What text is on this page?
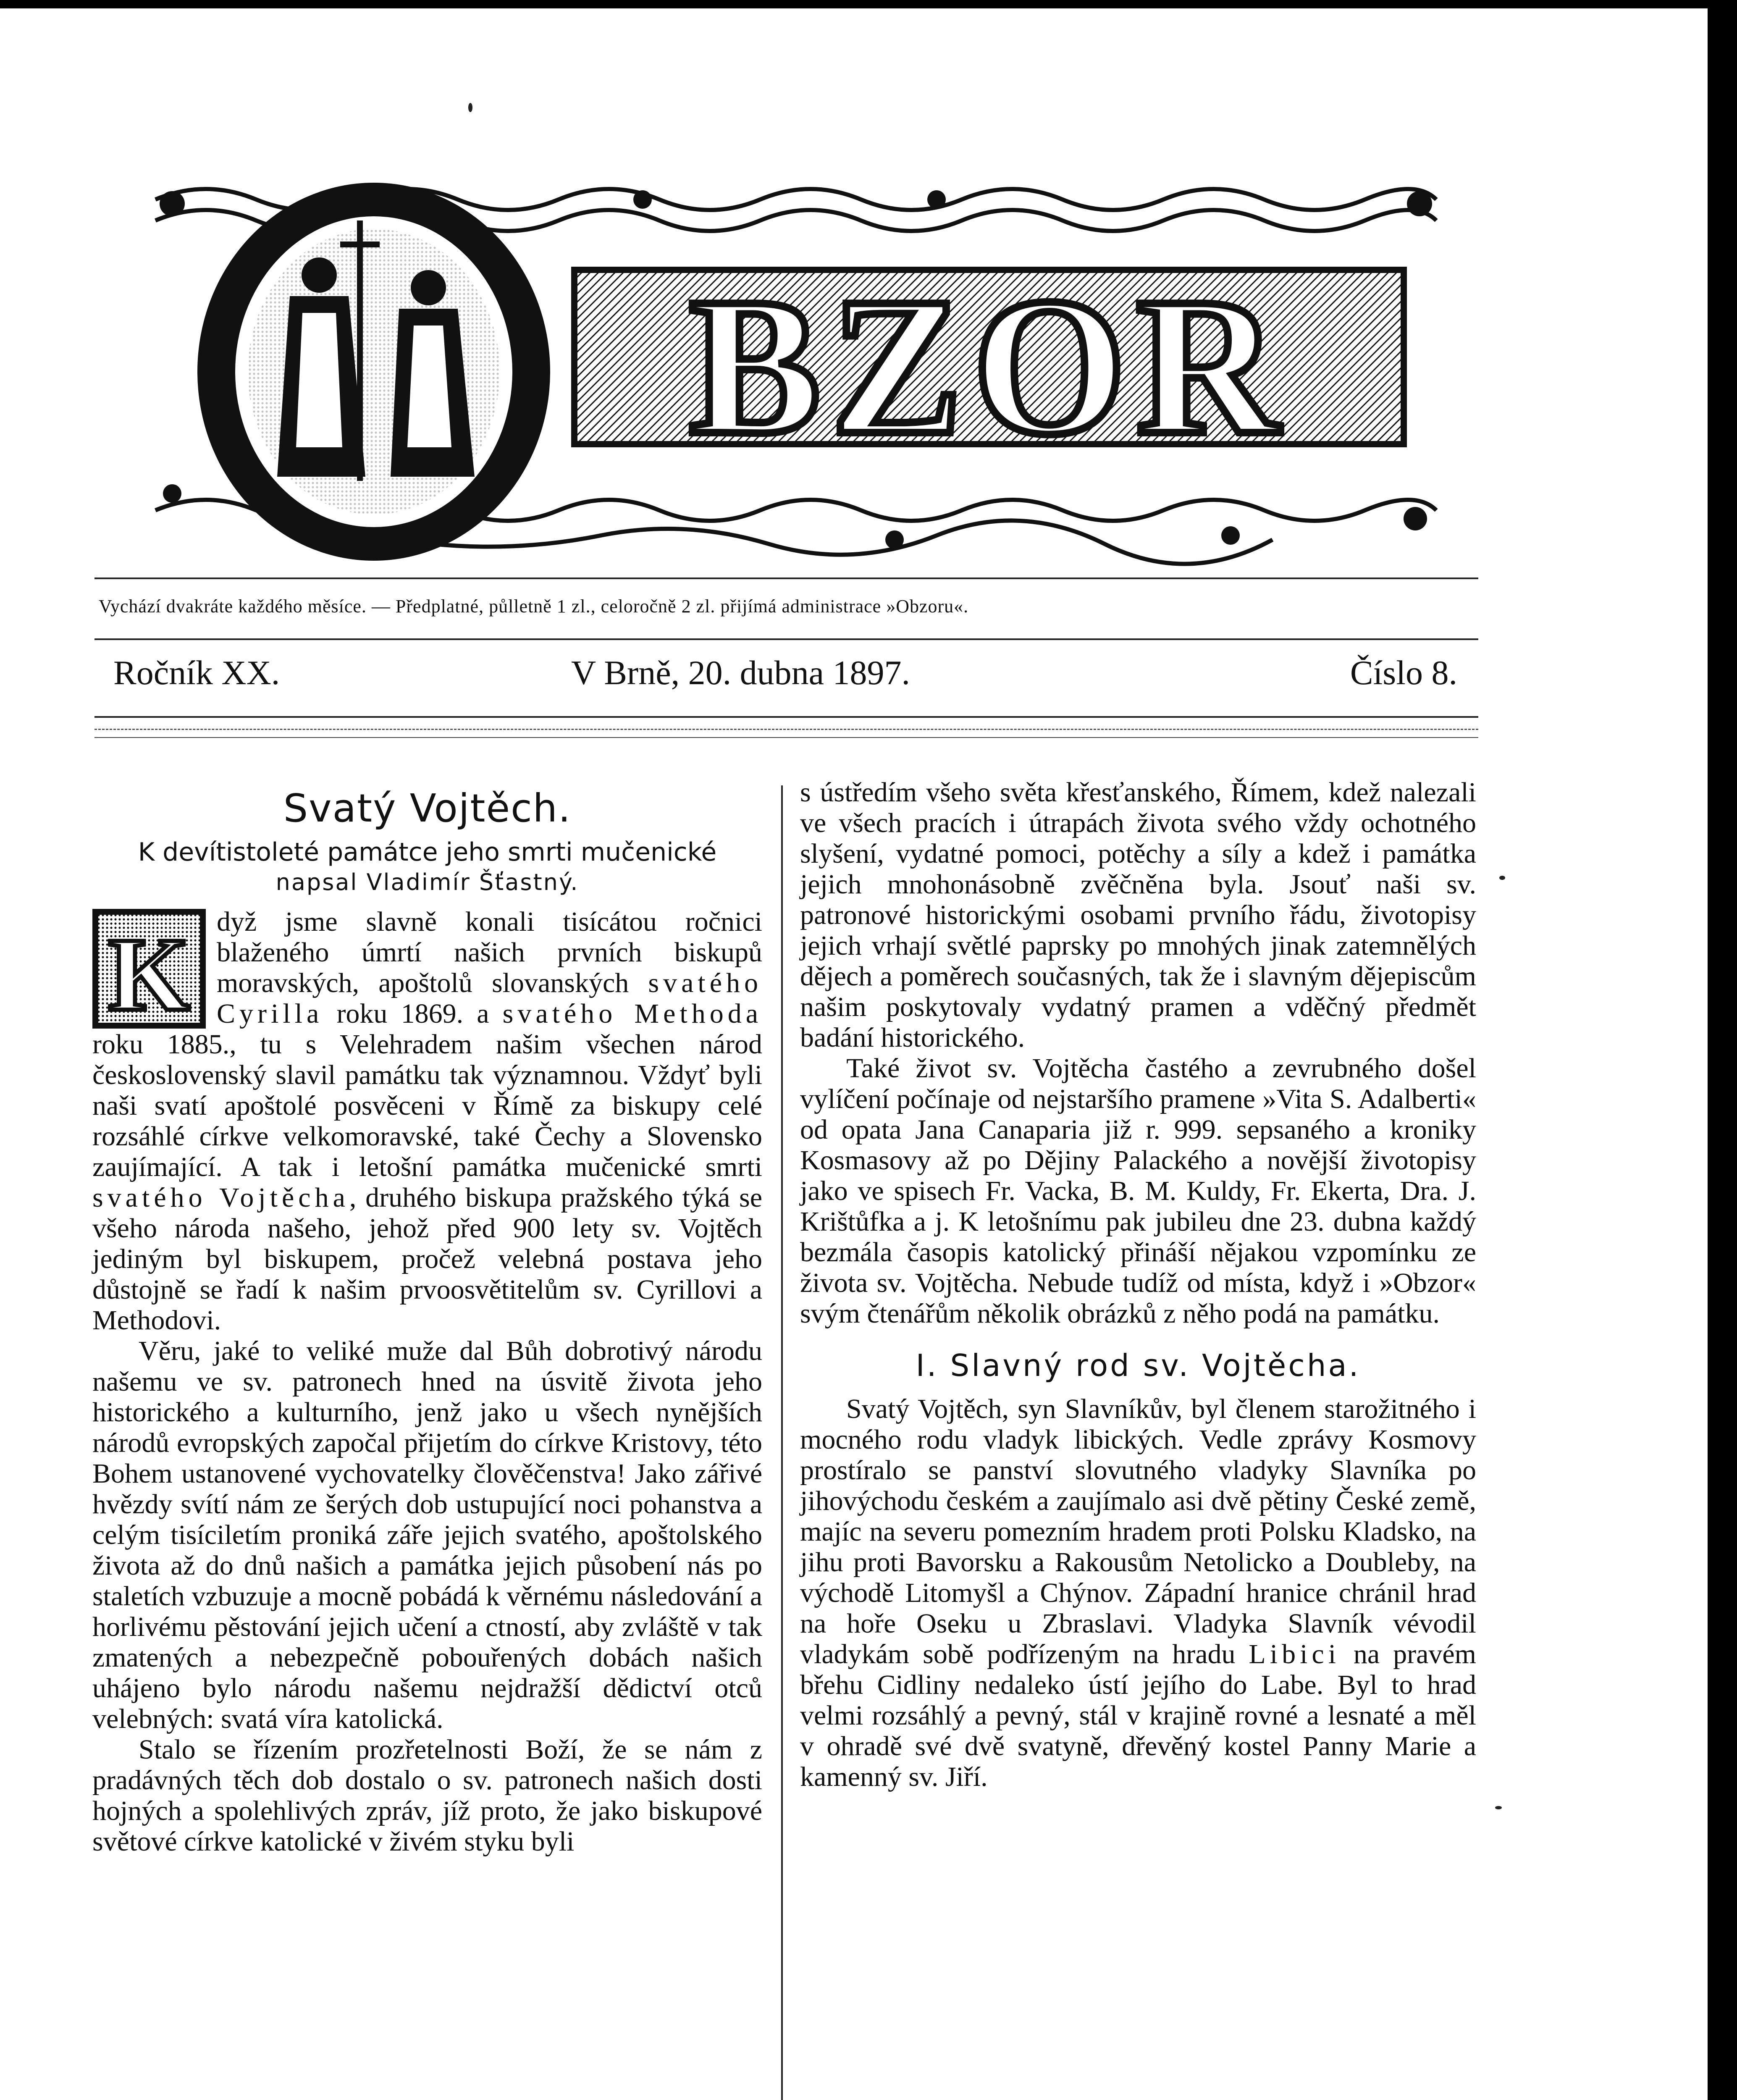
O BZOR
Vychází dvakráte každého měsíce. — Předplatné, půlletně 1 zl., celoročně 2 zl. přijímá administrace »Obzoru«.
Ročník XX.	V Brně, 20. dubna 1897.	Číslo 8.
Svatý Vojtěch.
K devítistoleté památce jeho smrti mučenické
napsal Vladimír Šťastný.
K dyž jsme slavně konali tisícátou ročnici blaženého úmrtí našich prvních biskupů moravských, apoštolů slovanských svatého Cyrilla roku 1869. a svatého Methoda roku 1885., tu s Velehradem našim všechen národ československý slavil památku tak významnou. Vždyť byli naši svatí apoštolé posvěceni v Římě za biskupy celé rozsáhlé církve velkomoravské, také Čechy a Slovensko zaujímající. A tak i letošní památka mučenické smrti svatého Vojtěcha, druhého biskupa pražského týká se všeho národa našeho, jehož před 900 lety sv. Vojtěch jediným byl biskupem, pročež velebná postava jeho důstojně se řadí k našim prvoosvětitelům sv. Cyrillovi a Methodovi.

Věru, jaké to veliké muže dal Bůh dobrotivý národu našemu ve sv. patronech hned na úsvitě života jeho historického a kulturního, jenž jako u všech nynějších národů evropských započal přijetím do církve Kristovy, této Bohem ustanovené vychovatelky člověčenstva! Jako zářivé hvězdy svítí nám ze šerých dob ustupující noci pohanstva a celým tisíciletím proniká záře jejich svatého, apoštolského života až do dnů našich a památka jejich působení nás po staletích vzbuzuje a mocně pobádá k věrnému následování a horlivému pěstování jejich učení a ctností, aby zvláště v tak zmatených a nebezpečně pobouřených dobách našich uhájeno bylo národu našemu nejdražší dědictví otců velebných: svatá víra katolická.

Stalo se řízením prozřetelnosti Boží, že se nám z pradávných těch dob dostalo o sv. patronech našich dosti hojných a spolehlivých zpráv, jíž proto, že jako biskupové světové církve katolické v živém styku byli

s ústředím všeho světa křesťanského, Římem, kdež nalezali ve všech pracích i útrapách života svého vždy ochotného slyšení, vydatné pomoci, potěchy a síly a kdež i památka jejich mnohonásobně zvěčněna byla. Jsouť naši sv. patronové historickými osobami prvního řádu, životopisy jejich vrhají světlé paprsky po mnohých jinak zatemnělých dějech a poměrech současných, tak že i slavným dějepiscům našim poskytovaly vydatný pramen a vděčný předmět badání historického.

Také život sv. Vojtěcha častého a zevrubného došel vylíčení počínaje od nejstaršího pramene »Vita S. Adalberti« od opata Jana Canaparia již r. 999. sepsaného a kroniky Kosmasovy až po Dějiny Palackého a novější životopisy jako ve spisech Fr. Vacka, B. M. Kuldy, Fr. Ekerta, Dra. J. Krištůfka a j. K letošnímu pak jubileu dne 23. dubna každý bezmála časopis katolický přináší nějakou vzpomínku ze života sv. Vojtěcha. Nebude tudíž od místa, když i »Obzor« svým čtenářům několik obrázků z něho podá na památku.

I. Slavný rod sv. Vojtěcha.

Svatý Vojtěch, syn Slavníkův, byl členem starožitného i mocného rodu vladyk libických. Vedle zprávy Kosmovy prostíralo se panství slovutného vladyky Slavníka po jihovýchodu českém a zaujímalo asi dvě pětiny České země, majíc na severu pomezním hradem proti Polsku Kladsko, na jihu proti Bavorsku a Rakousům Netolicko a Doubleby, na východě Litomyšl a Chýnov. Západní hranice chránil hrad na hoře Oseku u Zbraslavi. Vladyka Slavník vévodil vladykám sobě podřízeným na hradu Libici na pravém břehu Cidliny nedaleko ústí jejího do Labe. Byl to hrad velmi rozsáhlý a pevný, stál v krajině rovné a lesnaté a měl v ohradě své dvě svatyně, dřevěný kostel Panny Marie a kamenný sv. Jiří.
